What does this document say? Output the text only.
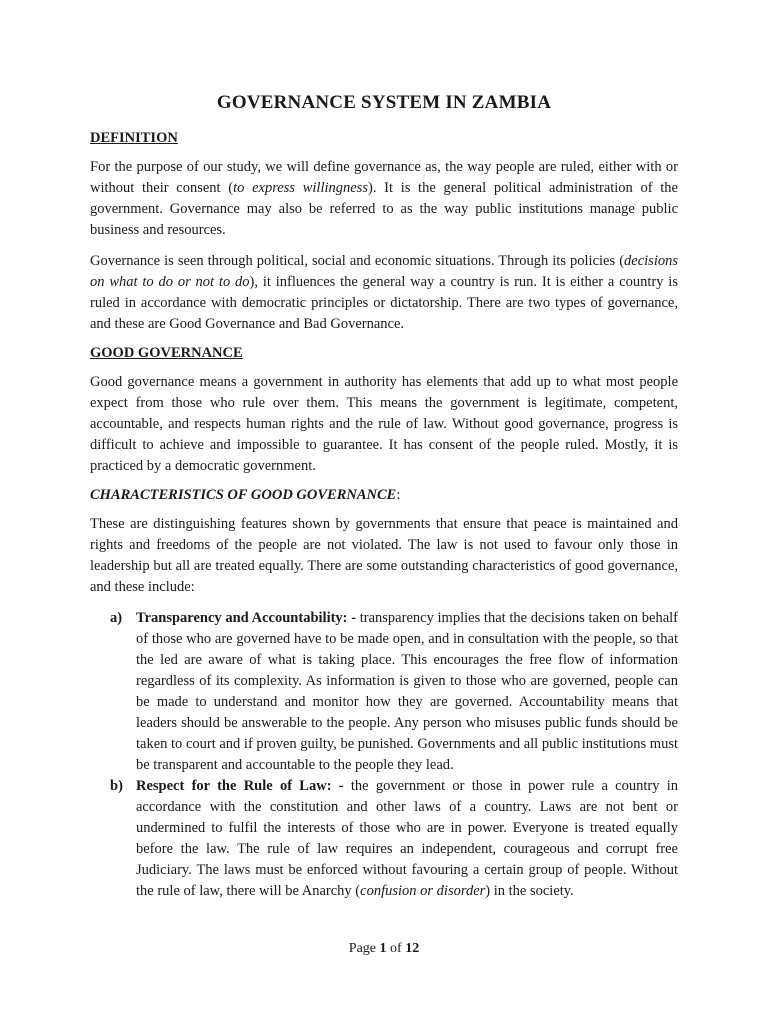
GOVERNANCE SYSTEM IN ZAMBIA
DEFINITION

For the purpose of our study, we will define governance as, the way people are ruled, either with or without their consent (to express willingness). It is the general political administration of the government. Governance may also be referred to as the way public institutions manage public business and resources.

Governance is seen through political, social and economic situations. Through its policies (decisions on what to do or not to do), it influences the general way a country is run. It is either a country is ruled in accordance with democratic principles or dictatorship. There are two types of governance, and these are Good Governance and Bad Governance.

GOOD GOVERNANCE

Good governance means a government in authority has elements that add up to what most people expect from those who rule over them. This means the government is legitimate, competent, accountable, and respects human rights and the rule of law. Without good governance, progress is difficult to achieve and impossible to guarantee. It has consent of the people ruled. Mostly, it is practiced by a democratic government.

CHARACTERISTICS OF GOOD GOVERNANCE:

These are distinguishing features shown by governments that ensure that peace is maintained and rights and freedoms of the people are not violated. The law is not used to favour only those in leadership but all are treated equally. There are some outstanding characteristics of good governance, and these include:

a) Transparency and Accountability: - transparency implies that the decisions taken on behalf of those who are governed have to be made open, and in consultation with the people, so that the led are aware of what is taking place. This encourages the free flow of information regardless of its complexity. As information is given to those who are governed, people can be made to understand and monitor how they are governed. Accountability means that leaders should be answerable to the people. Any person who misuses public funds should be taken to court and if proven guilty, be punished. Governments and all public institutions must be transparent and accountable to the people they lead.
b) Respect for the Rule of Law: - the government or those in power rule a country in accordance with the constitution and other laws of a country. Laws are not bent or undermined to fulfil the interests of those who are in power. Everyone is treated equally before the law. The rule of law requires an independent, courageous and corrupt free Judiciary. The laws must be enforced without favouring a certain group of people. Without the rule of law, there will be Anarchy (confusion or disorder) in the society.
Page 1 of 12
